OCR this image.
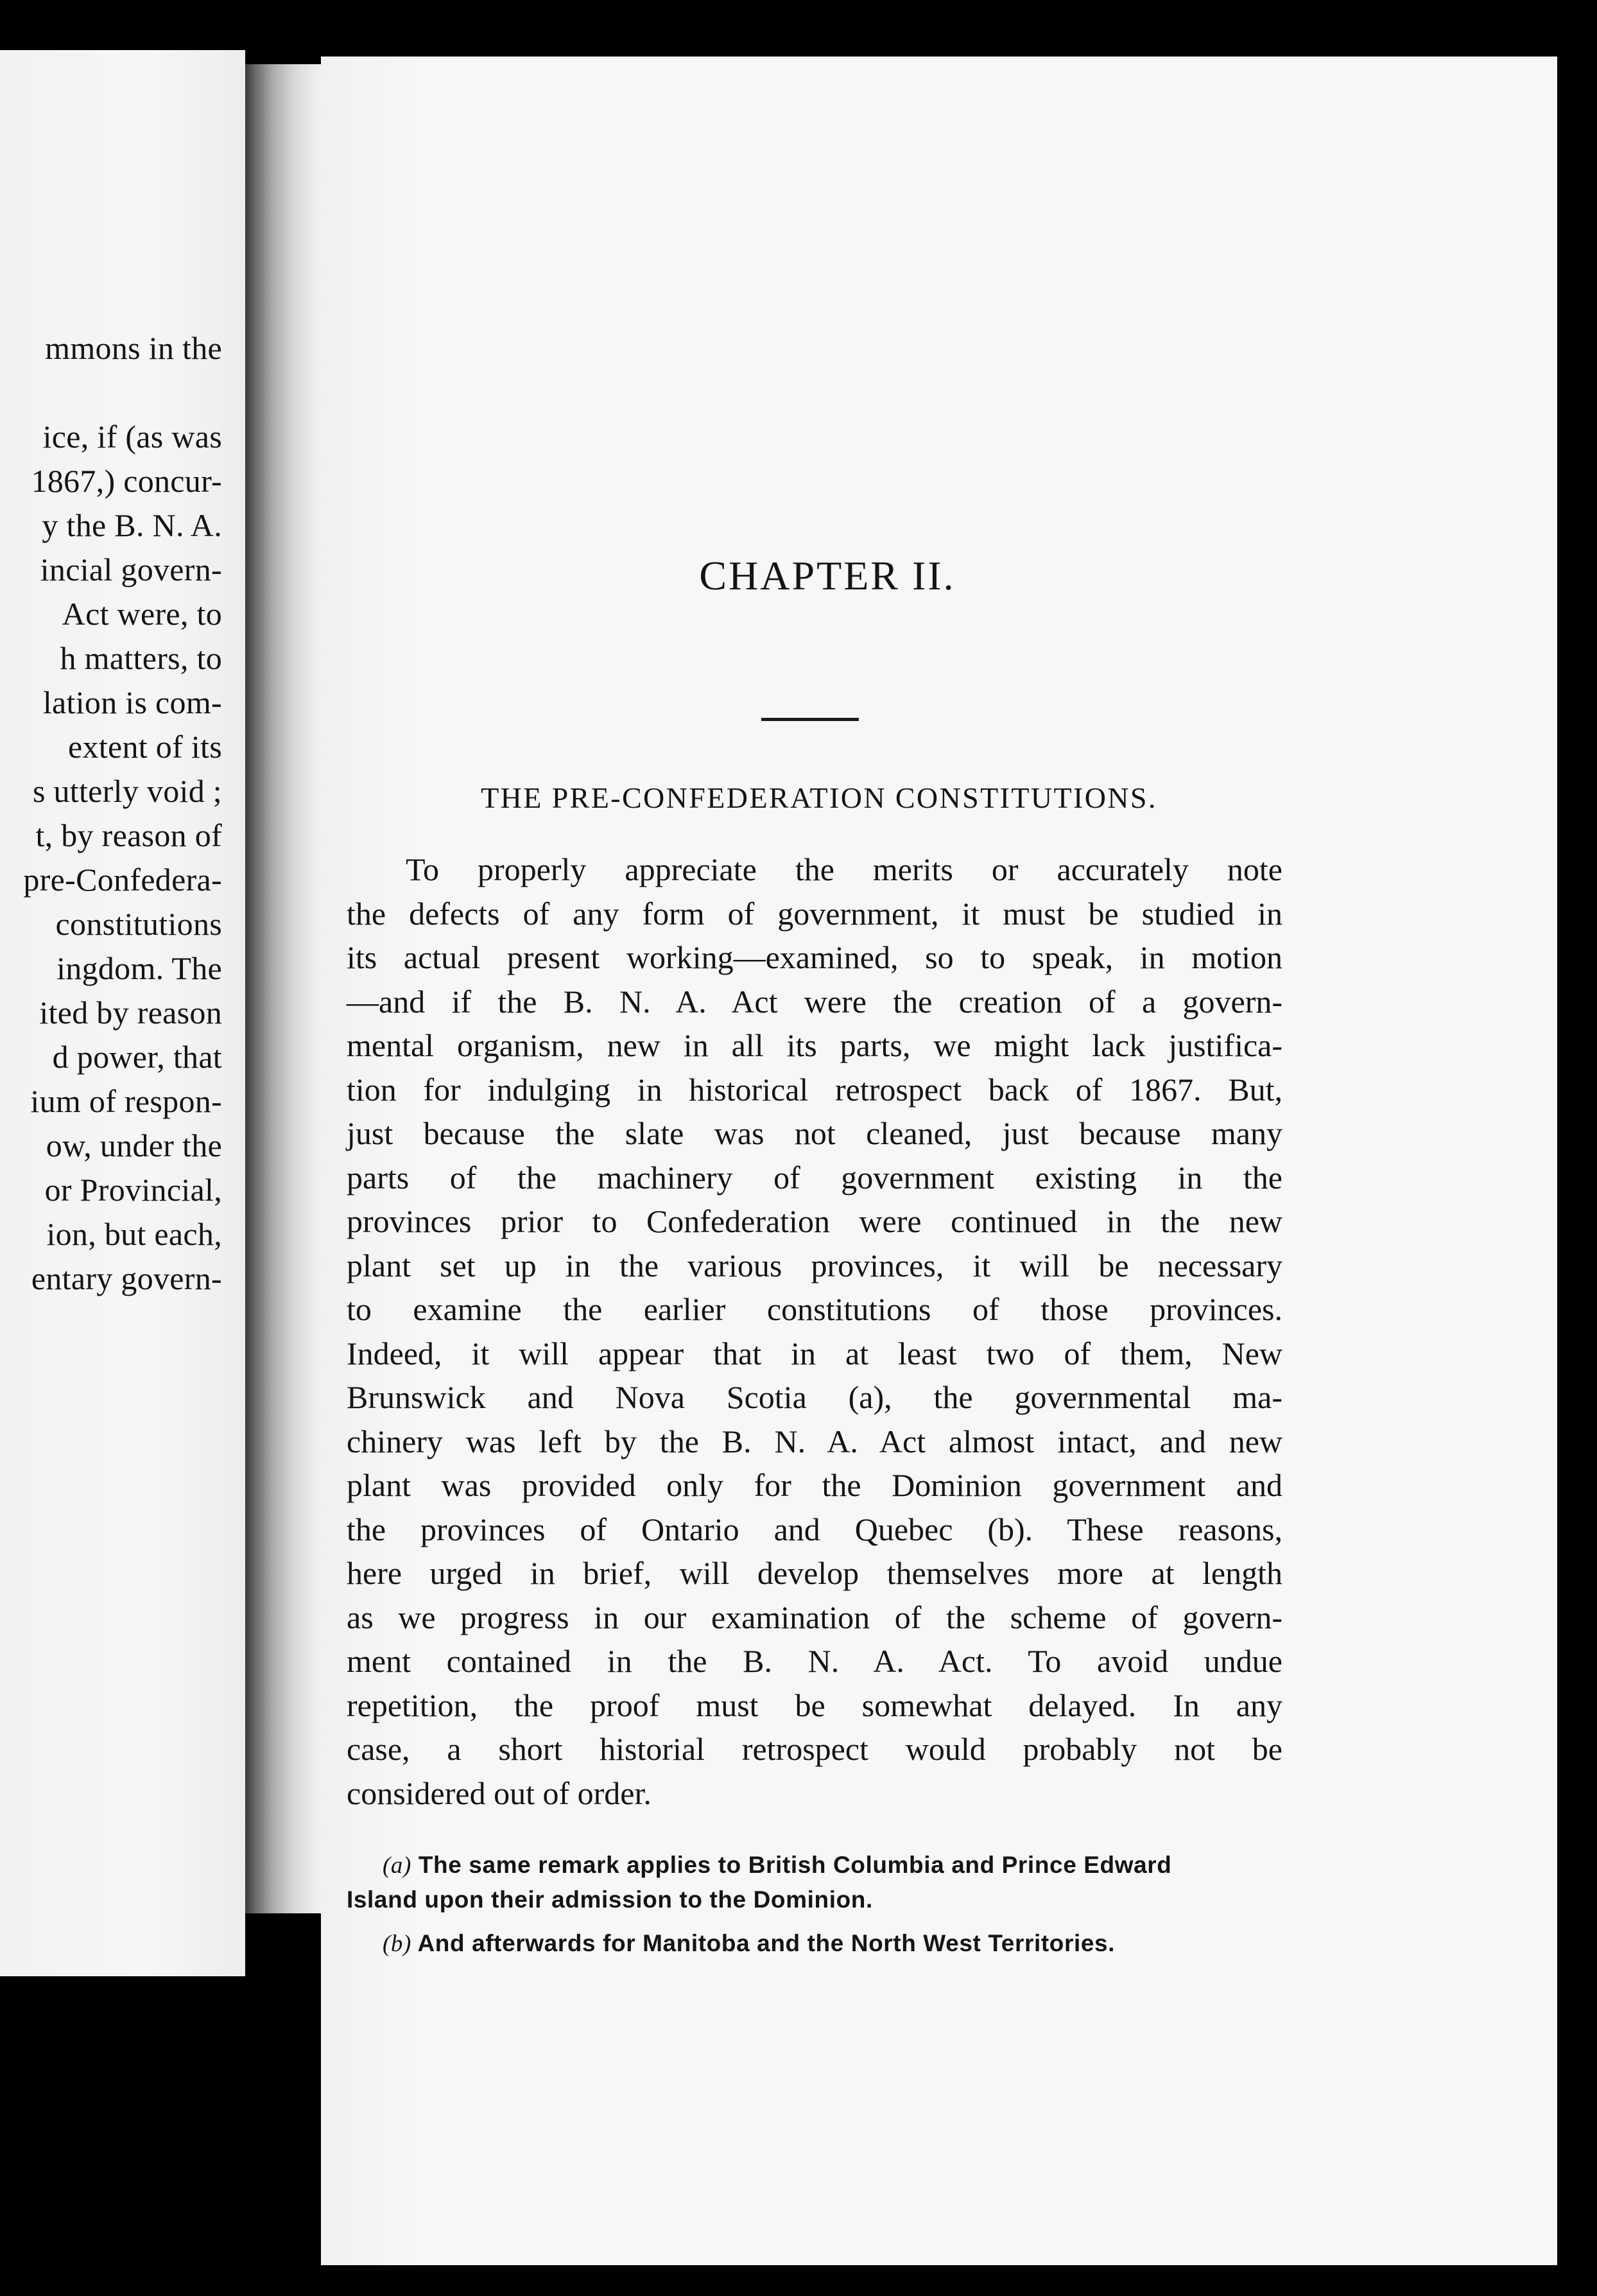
mmons in the
ice, if (as was
1867,) concur-
y the B. N. A.
incial govern-
Act were, to
h matters, to
lation is com-
extent of its
s utterly void ;
t, by reason of
pre-Confedera-
constitutions
ingdom. The
ited by reason
d power, that
ium of respon-
ow, under the
or Provincial,
ion, but each,
entary govern-
CHAPTER II.
THE PRE-CONFEDERATION CONSTITUTIONS.
To properly appreciate the merits or accurately note
the defects of any form of government, it must be studied in
its actual present working—examined, so to speak, in motion
—and if the B. N. A. Act were the creation of a govern-
mental organism, new in all its parts, we might lack justifica-
tion for indulging in historical retrospect back of 1867. But,
just because the slate was not cleaned, just because many
parts of the machinery of government existing in the
provinces prior to Confederation were continued in the new
plant set up in the various provinces, it will be necessary
to examine the earlier constitutions of those provinces.
Indeed, it will appear that in at least two of them, New
Brunswick and Nova Scotia (a), the governmental ma-
chinery was left by the B. N. A. Act almost intact, and new
plant was provided only for the Dominion government and
the provinces of Ontario and Quebec (b). These reasons,
here urged in brief, will develop themselves more at length
as we progress in our examination of the scheme of govern-
ment contained in the B. N. A. Act. To avoid undue
repetition, the proof must be somewhat delayed. In any
case, a short historial retrospect would probably not be
considered out of order.
(a) The same remark applies to British Columbia and Prince Edward
Island upon their admission to the Dominion.
(b) And afterwards for Manitoba and the North West Territories.
